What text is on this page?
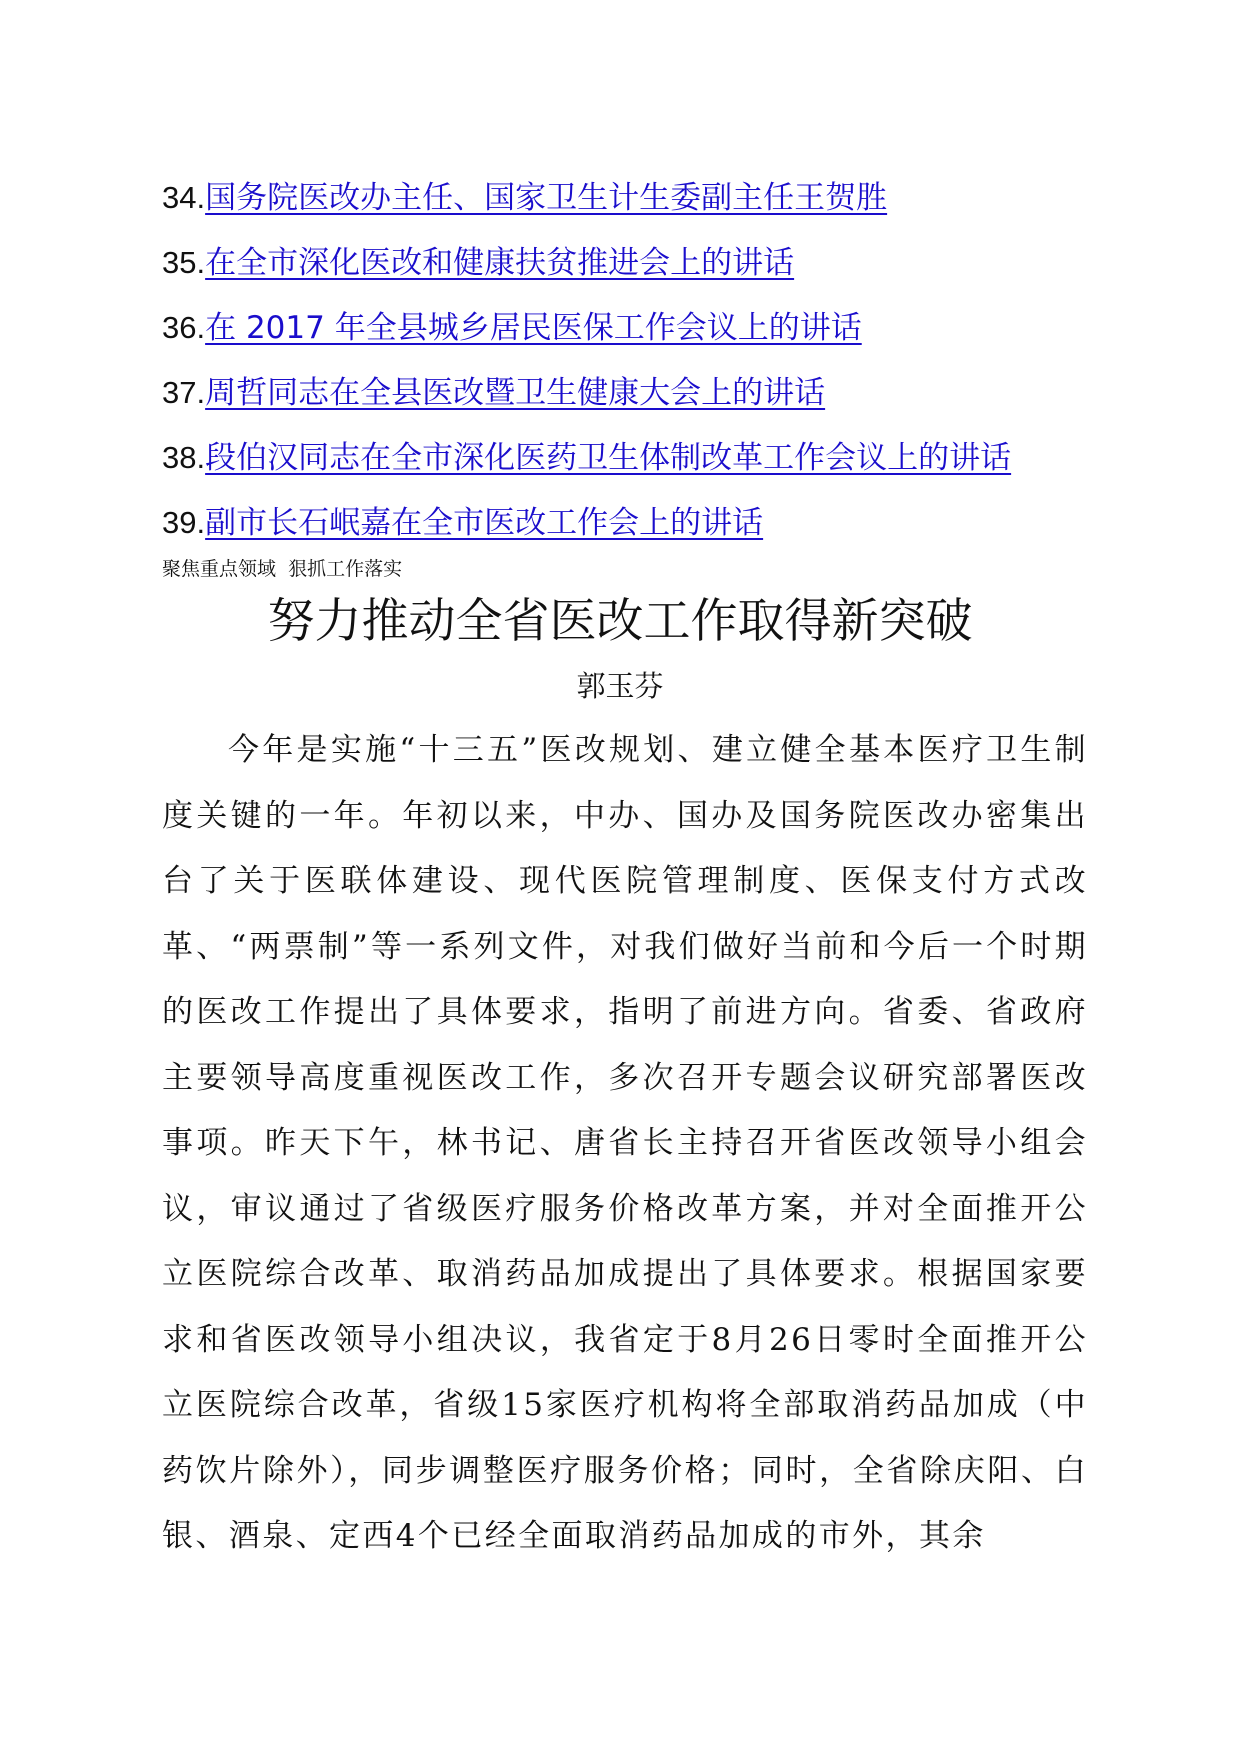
34.国务院医改办主任、国家卫生计生委副主任王贺胜
35.在全市深化医改和健康扶贫推进会上的讲话
36.在 2017 年全县城乡居民医保工作会议上的讲话
37.周哲同志在全县医改暨卫生健康大会上的讲话
38.段伯汉同志在全市深化医药卫生体制改革工作会议上的讲话
39.副市长石岷嘉在全市医改工作会上的讲话
聚焦重点领域  狠抓工作落实
努力推动全省医改工作取得新突破
郭玉芬

今年是实施“十三五”医改规划、建立健全基本医疗卫生制度关键的一年。年初以来，中办、国办及国务院医改办密集出台了关于医联体建设、现代医院管理制度、医保支付方式改革、“两票制”等一系列文件，对我们做好当前和今后一个时期的医改工作提出了具体要求，指明了前进方向。省委、省政府主要领导高度重视医改工作，多次召开专题会议研究部署医改事项。昨天下午，林书记、唐省长主持召开省医改领导小组会议，审议通过了省级医疗服务价格改革方案，并对全面推开公立医院综合改革、取消药品加成提出了具体要求。根据国家要求和省医改领导小组决议，我省定于8月26日零时全面推开公立医院综合改革，省级15家医疗机构将全部取消药品加成（中药饮片除外），同步调整医疗服务价格；同时，全省除庆阳、白银、酒泉、定西4个已经全面取消药品加成的市外，其余
